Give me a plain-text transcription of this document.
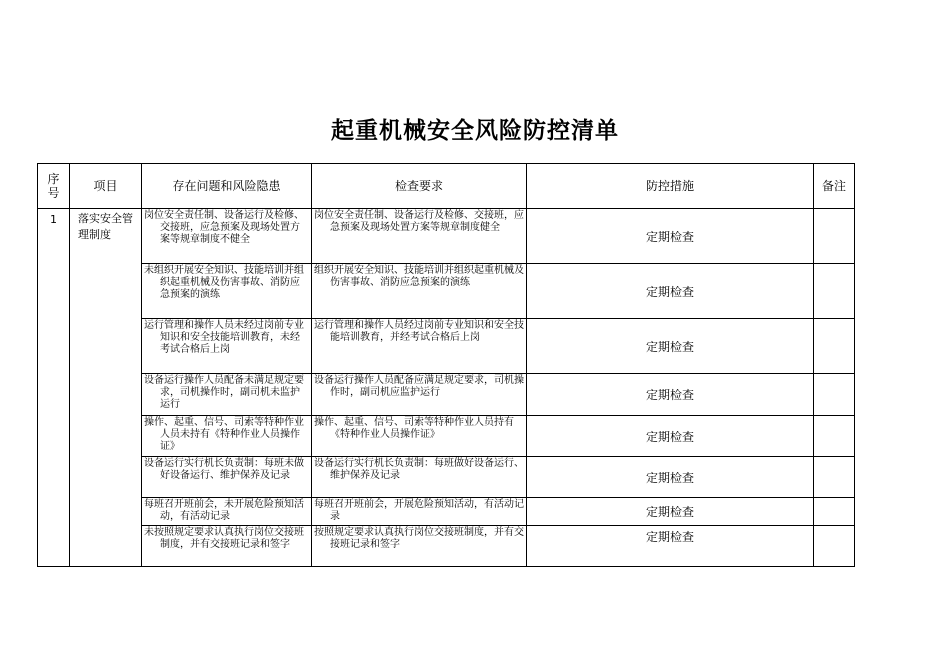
起重机械安全风险防控清单
序号	项目	存在问题和风险隐患	检查要求	防控措施	备注
1	落实安全管理制度	岗位安全责任制、设备运行及检修、交接班，应急预案及现场处置方案等规章制度不健全	岗位安全责任制、设备运行及检修、交接班，应急预案及现场处置方案等规章制度健全	定期检查	

		未组织开展安全知识、技能培训并组织起重机械及伤害事故、消防应急预案的演练	组织开展安全知识、技能培训并组织起重机械及伤害事故、消防应急预案的演练	定期检查	

		运行管理和操作人员未经过岗前专业知识和安全技能培训教育，未经考试合格后上岗	运行管理和操作人员经过岗前专业知识和安全技能培训教育，并经考试合格后上岗	定期检查	

		设备运行操作人员配备未满足规定要求，司机操作时，副司机未监护运行	设备运行操作人员配备应满足规定要求，司机操作时，副司机应监护运行	定期检查	

		操作、起重、信号、司索等特种作业人员未持有《特种作业人员操作证》	操作、起重、信号、司索等特种作业人员持有《特种作业人员操作证》	定期检查	

		设备运行实行机长负责制：每班未做好设备运行、维护保养及记录	设备运行实行机长负责制：每班做好设备运行、维护保养及记录	定期检查	

		每班召开班前会，未开展危险预知活动，有活动记录	每班召开班前会，开展危险预知活动，有活动记录	定期检查	

		未按照规定要求认真执行岗位交接班制度，并有交接班记录和签字	按照规定要求认真执行岗位交接班制度，并有交接班记录和签字	定期检查	
